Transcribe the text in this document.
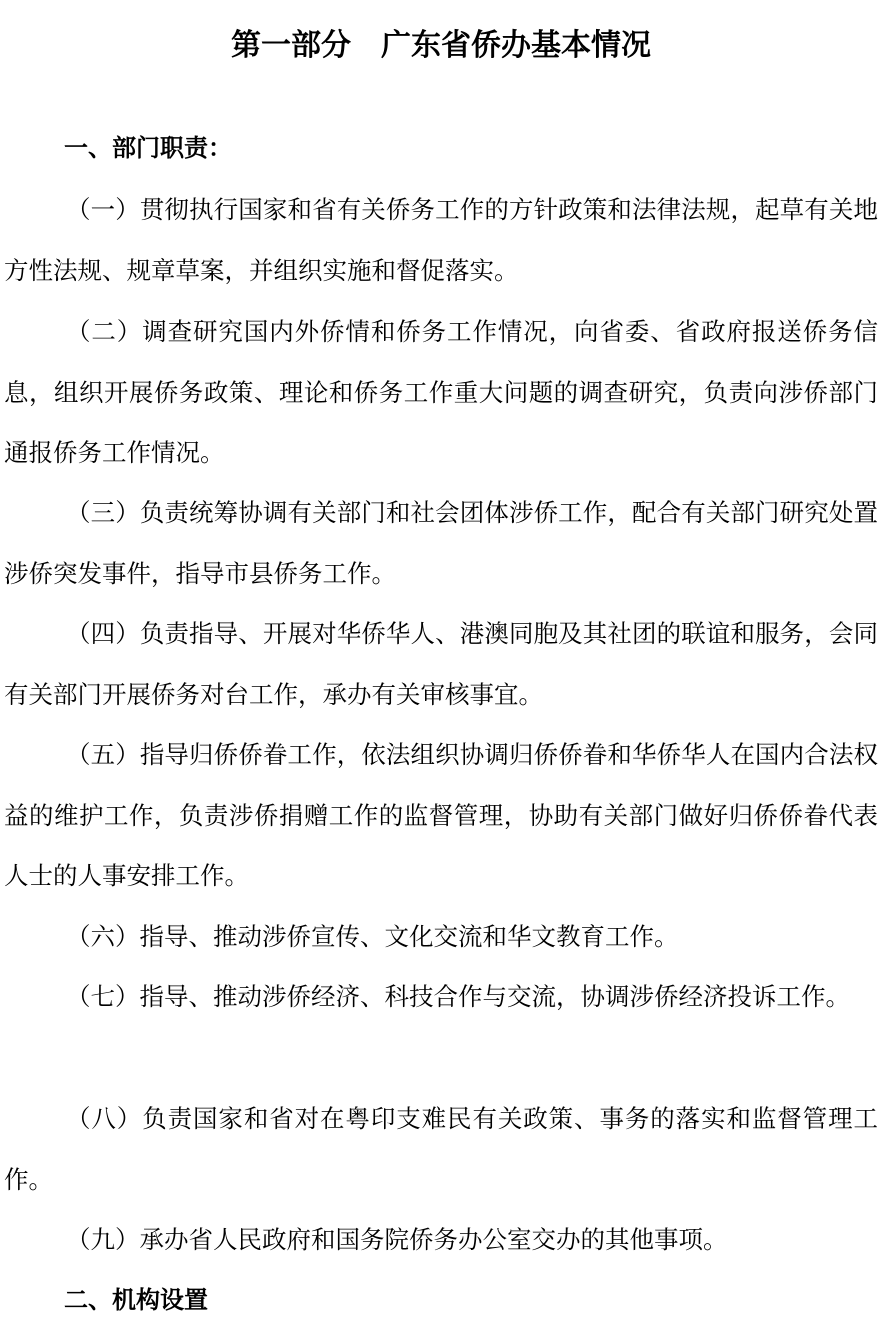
第一部分　广东省侨办基本情况
一、部门职责：

（一）贯彻执行国家和省有关侨务工作的方针政策和法律法规，起草有关地方性法规、规章草案，并组织实施和督促落实。

（二）调查研究国内外侨情和侨务工作情况，向省委、省政府报送侨务信息，组织开展侨务政策、理论和侨务工作重大问题的调查研究，负责向涉侨部门通报侨务工作情况。

（三）负责统筹协调有关部门和社会团体涉侨工作，配合有关部门研究处置涉侨突发事件，指导市县侨务工作。

（四）负责指导、开展对华侨华人、港澳同胞及其社团的联谊和服务，会同有关部门开展侨务对台工作，承办有关审核事宜。

（五）指导归侨侨眷工作，依法组织协调归侨侨眷和华侨华人在国内合法权益的维护工作，负责涉侨捐赠工作的监督管理，协助有关部门做好归侨侨眷代表人士的人事安排工作。

（六）指导、推动涉侨宣传、文化交流和华文教育工作。

（七）指导、推动涉侨经济、科技合作与交流，协调涉侨经济投诉工作。

（八）负责国家和省对在粤印支难民有关政策、事务的落实和监督管理工作。

（九）承办省人民政府和国务院侨务办公室交办的其他事项。

二、机构设置
